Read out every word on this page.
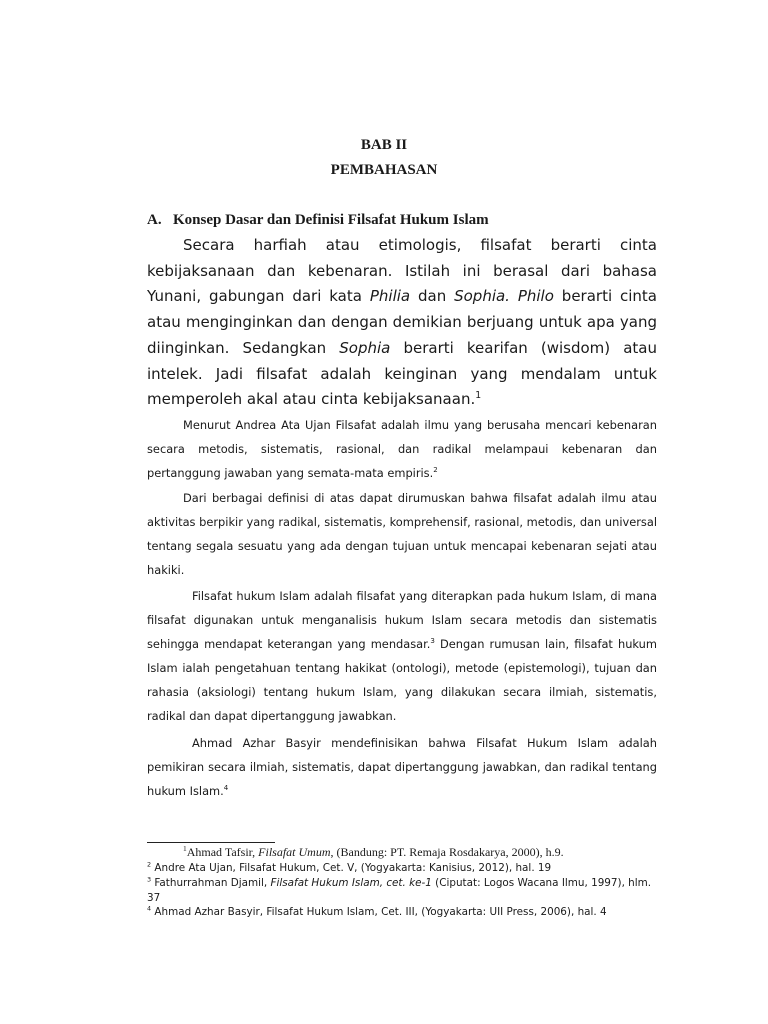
BAB II
PEMBAHASAN
A. Konsep Dasar dan Definisi Filsafat Hukum Islam

Secara harfiah atau etimologis, filsafat berarti cinta kebijaksanaan dan kebenaran. Istilah ini berasal dari bahasa Yunani, gabungan dari kata Philia dan Sophia. Philo berarti cinta atau menginginkan dan dengan demikian berjuang untuk apa yang diinginkan. Sedangkan Sophia berarti kearifan (wisdom) atau intelek. Jadi filsafat adalah keinginan yang mendalam untuk memperoleh akal atau cinta kebijaksanaan.$^1$

Menurut Andrea Ata Ujan Filsafat adalah ilmu yang berusaha mencari kebenaran secara metodis, sistematis, rasional, dan radikal melampaui kebenaran dan pertanggung jawaban yang semata-mata empiris.$^2$

Dari berbagai definisi di atas dapat dirumuskan bahwa filsafat adalah ilmu atau aktivitas berpikir yang radikal, sistematis, komprehensif, rasional, metodis, dan universal tentang segala sesuatu yang ada dengan tujuan untuk mencapai kebenaran sejati atau hakiki.

Filsafat hukum Islam adalah filsafat yang diterapkan pada hukum Islam, di mana filsafat digunakan untuk menganalisis hukum Islam secara metodis dan sistematis sehingga mendapat keterangan yang mendasar.$^3$ Dengan rumusan lain, filsafat hukum Islam ialah pengetahuan tentang hakikat (ontologi), metode (epistemologi), tujuan dan rahasia (aksiologi) tentang hukum Islam, yang dilakukan secara ilmiah, sistematis, radikal dan dapat dipertanggung jawabkan.

Ahmad Azhar Basyir mendefinisikan bahwa Filsafat Hukum Islam adalah pemikiran secara ilmiah, sistematis, dapat dipertanggung jawabkan, dan radikal tentang hukum Islam.$^4$

$^1$Ahmad Tafsir, Filsafat Umum, (Bandung: PT. Remaja Rosdakarya, 2000), h.9.

$^2$ Andre Ata Ujan, Filsafat Hukum, Cet. V, (Yogyakarta: Kanisius, 2012), hal. 19

$^3$ Fathurrahman Djamil, Filsafat Hukum Islam, cet. ke-1 (Ciputat: Logos Wacana Ilmu, 1997), hlm. 37

$^4$ Ahmad Azhar Basyir, Filsafat Hukum Islam, Cet. III, (Yogyakarta: UII Press, 2006), hal. 4
